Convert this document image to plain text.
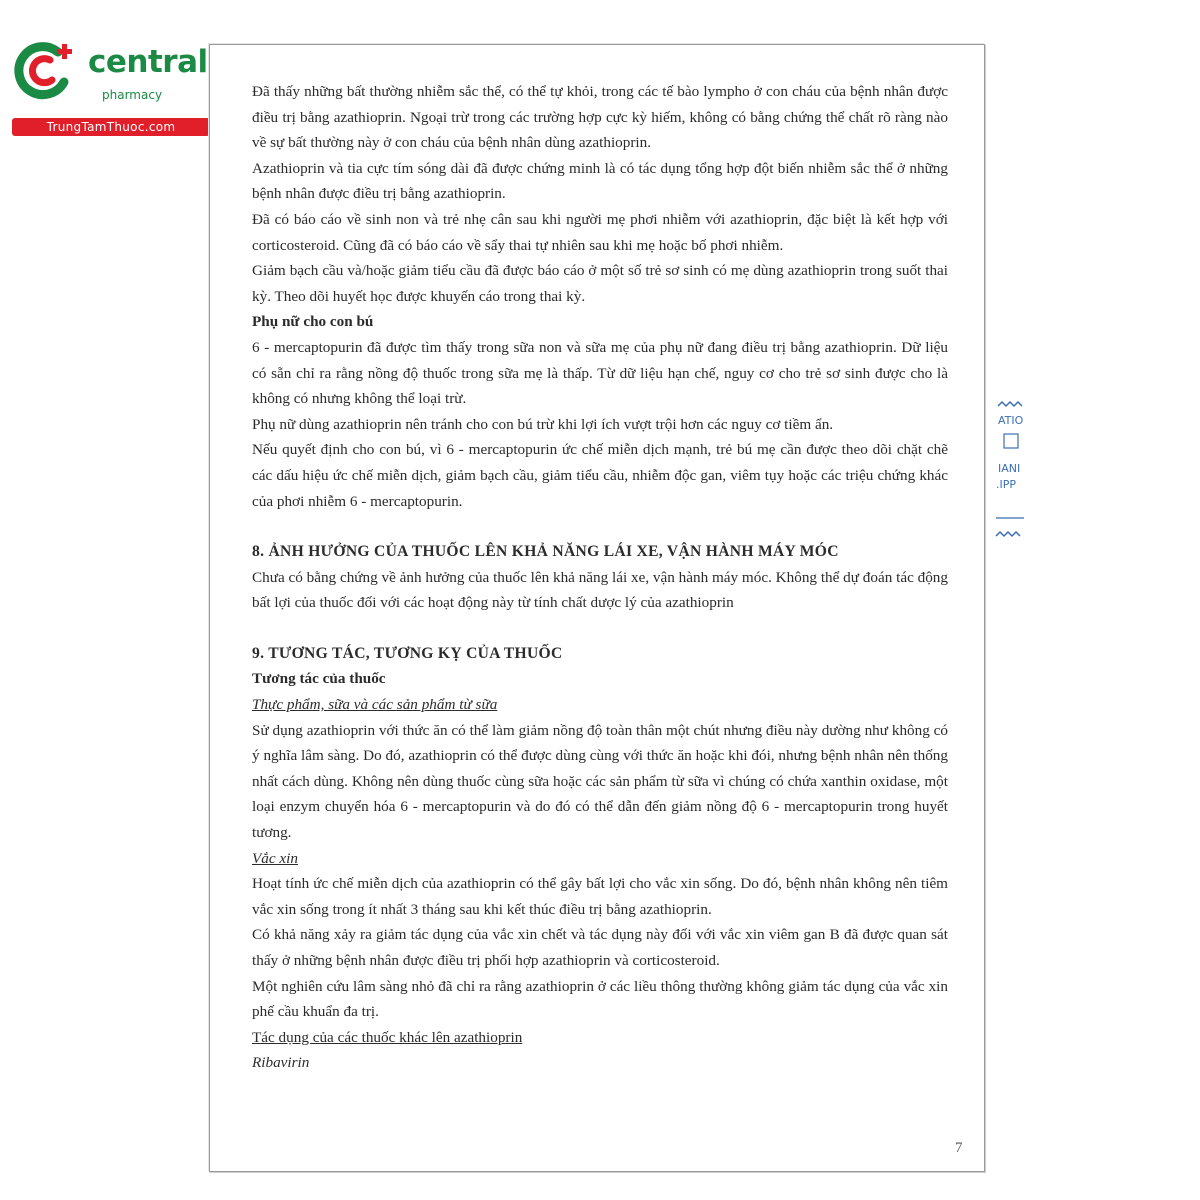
central
pharmacy
TrungTamThuoc.com
ATIO
IANI
.IPP

Đã thấy những bất thường nhiễm sắc thể, có thể tự khỏi, trong các tế bào lympho ở con cháu của bệnh nhân được điều trị bằng azathioprin. Ngoại trừ trong các trường hợp cực kỳ hiếm, không có bằng chứng thể chất rõ ràng nào về sự bất thường này ở con cháu của bệnh nhân dùng azathioprin.

Azathioprin và tia cực tím sóng dài đã được chứng minh là có tác dụng tổng hợp đột biến nhiễm sắc thể ở những bệnh nhân được điều trị bằng azathioprin.

Đã có báo cáo về sinh non và trẻ nhẹ cân sau khi người mẹ phơi nhiễm với azathioprin, đặc biệt là kết hợp với corticosteroid. Cũng đã có báo cáo về sẩy thai tự nhiên sau khi mẹ hoặc bố phơi nhiễm.

Giảm bạch cầu và/hoặc giảm tiểu cầu đã được báo cáo ở một số trẻ sơ sinh có mẹ dùng azathioprin trong suốt thai kỳ. Theo dõi huyết học được khuyến cáo trong thai kỳ.

Phụ nữ cho con bú

6 - mercaptopurin đã được tìm thấy trong sữa non và sữa mẹ của phụ nữ đang điều trị bằng azathioprin. Dữ liệu có sẵn chỉ ra rằng nồng độ thuốc trong sữa mẹ là thấp. Từ dữ liệu hạn chế, nguy cơ cho trẻ sơ sinh được cho là không có nhưng không thể loại trừ.

Phụ nữ dùng azathioprin nên tránh cho con bú trừ khi lợi ích vượt trội hơn các nguy cơ tiềm ẩn.

Nếu quyết định cho con bú, vì 6 - mercaptopurin ức chế miễn dịch mạnh, trẻ bú mẹ cần được theo dõi chặt chẽ các dấu hiệu ức chế miễn dịch, giảm bạch cầu, giảm tiểu cầu, nhiễm độc gan, viêm tụy hoặc các triệu chứng khác của phơi nhiễm 6 - mercaptopurin.

8. ẢNH HƯỞNG CỦA THUỐC LÊN KHẢ NĂNG LÁI XE, VẬN HÀNH MÁY MÓC

Chưa có bằng chứng về ảnh hưởng của thuốc lên khả năng lái xe, vận hành máy móc. Không thể dự đoán tác động bất lợi của thuốc đối với các hoạt động này từ tính chất dược lý của azathioprin

9. TƯƠNG TÁC, TƯƠNG KỴ CỦA THUỐC

Tương tác của thuốc

Thực phẩm, sữa và các sản phẩm từ sữa

Sử dụng azathioprin với thức ăn có thể làm giảm nồng độ toàn thân một chút nhưng điều này dường như không có ý nghĩa lâm sàng. Do đó, azathioprin có thể được dùng cùng với thức ăn hoặc khi đói, nhưng bệnh nhân nên thống nhất cách dùng. Không nên dùng thuốc cùng sữa hoặc các sản phẩm từ sữa vì chúng có chứa xanthin oxidase, một loại enzym chuyển hóa 6 - mercaptopurin và do đó có thể dẫn đến giảm nồng độ 6 - mercaptopurin trong huyết tương.

Vắc xin

Hoạt tính ức chế miễn dịch của azathioprin có thể gây bất lợi cho vắc xin sống. Do đó, bệnh nhân không nên tiêm vắc xin sống trong ít nhất 3 tháng sau khi kết thúc điều trị bằng azathioprin.

Có khả năng xảy ra giảm tác dụng của vắc xin chết và tác dụng này đối với vắc xin viêm gan B đã được quan sát thấy ở những bệnh nhân được điều trị phối hợp azathioprin và corticosteroid.

Một nghiên cứu lâm sàng nhỏ đã chỉ ra rằng azathioprin ở các liều thông thường không giảm tác dụng của vắc xin phế cầu khuẩn đa trị.

Tác dụng của các thuốc khác lên azathioprin

Ribavirin

7
